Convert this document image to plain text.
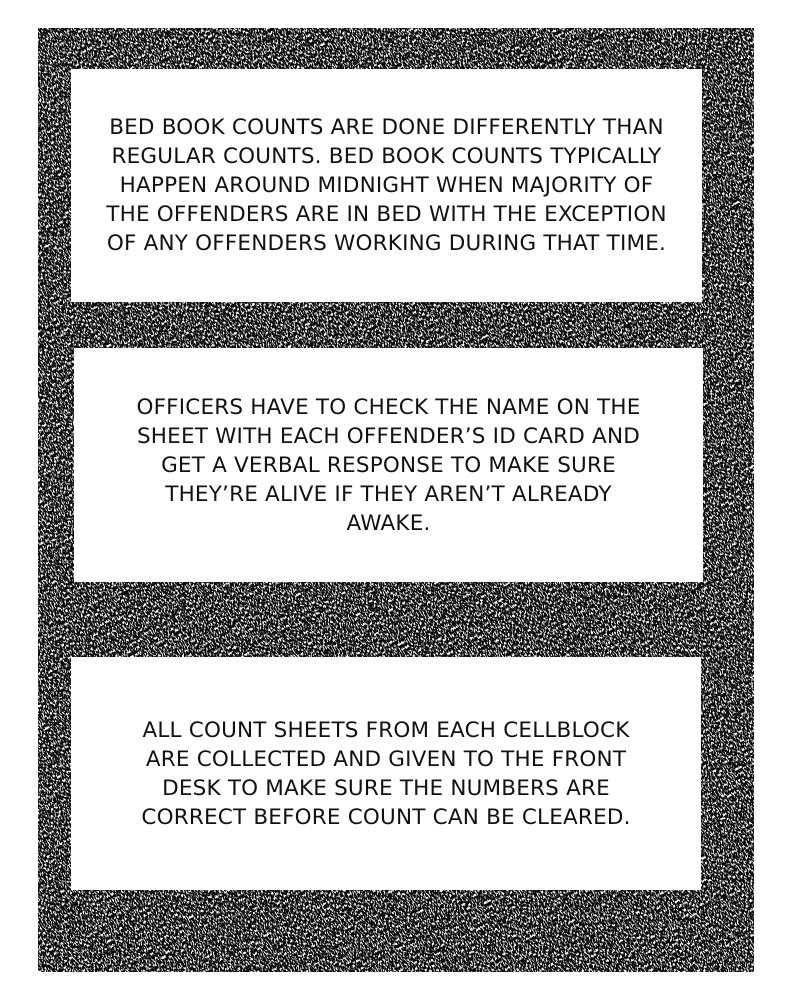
BED BOOK COUNTS ARE DONE DIFFERENTLY THAN
REGULAR COUNTS. BED BOOK COUNTS TYPICALLY
HAPPEN AROUND MIDNIGHT WHEN MAJORITY OF
THE OFFENDERS ARE IN BED WITH THE EXCEPTION
OF ANY OFFENDERS WORKING DURING THAT TIME.
OFFICERS HAVE TO CHECK THE NAME ON THE
SHEET WITH EACH OFFENDER’S ID CARD AND
GET A VERBAL RESPONSE TO MAKE SURE
THEY’RE ALIVE IF THEY AREN’T ALREADY
AWAKE.
ALL COUNT SHEETS FROM EACH CELLBLOCK
ARE COLLECTED AND GIVEN TO THE FRONT
DESK TO MAKE SURE THE NUMBERS ARE
CORRECT BEFORE COUNT CAN BE CLEARED.
